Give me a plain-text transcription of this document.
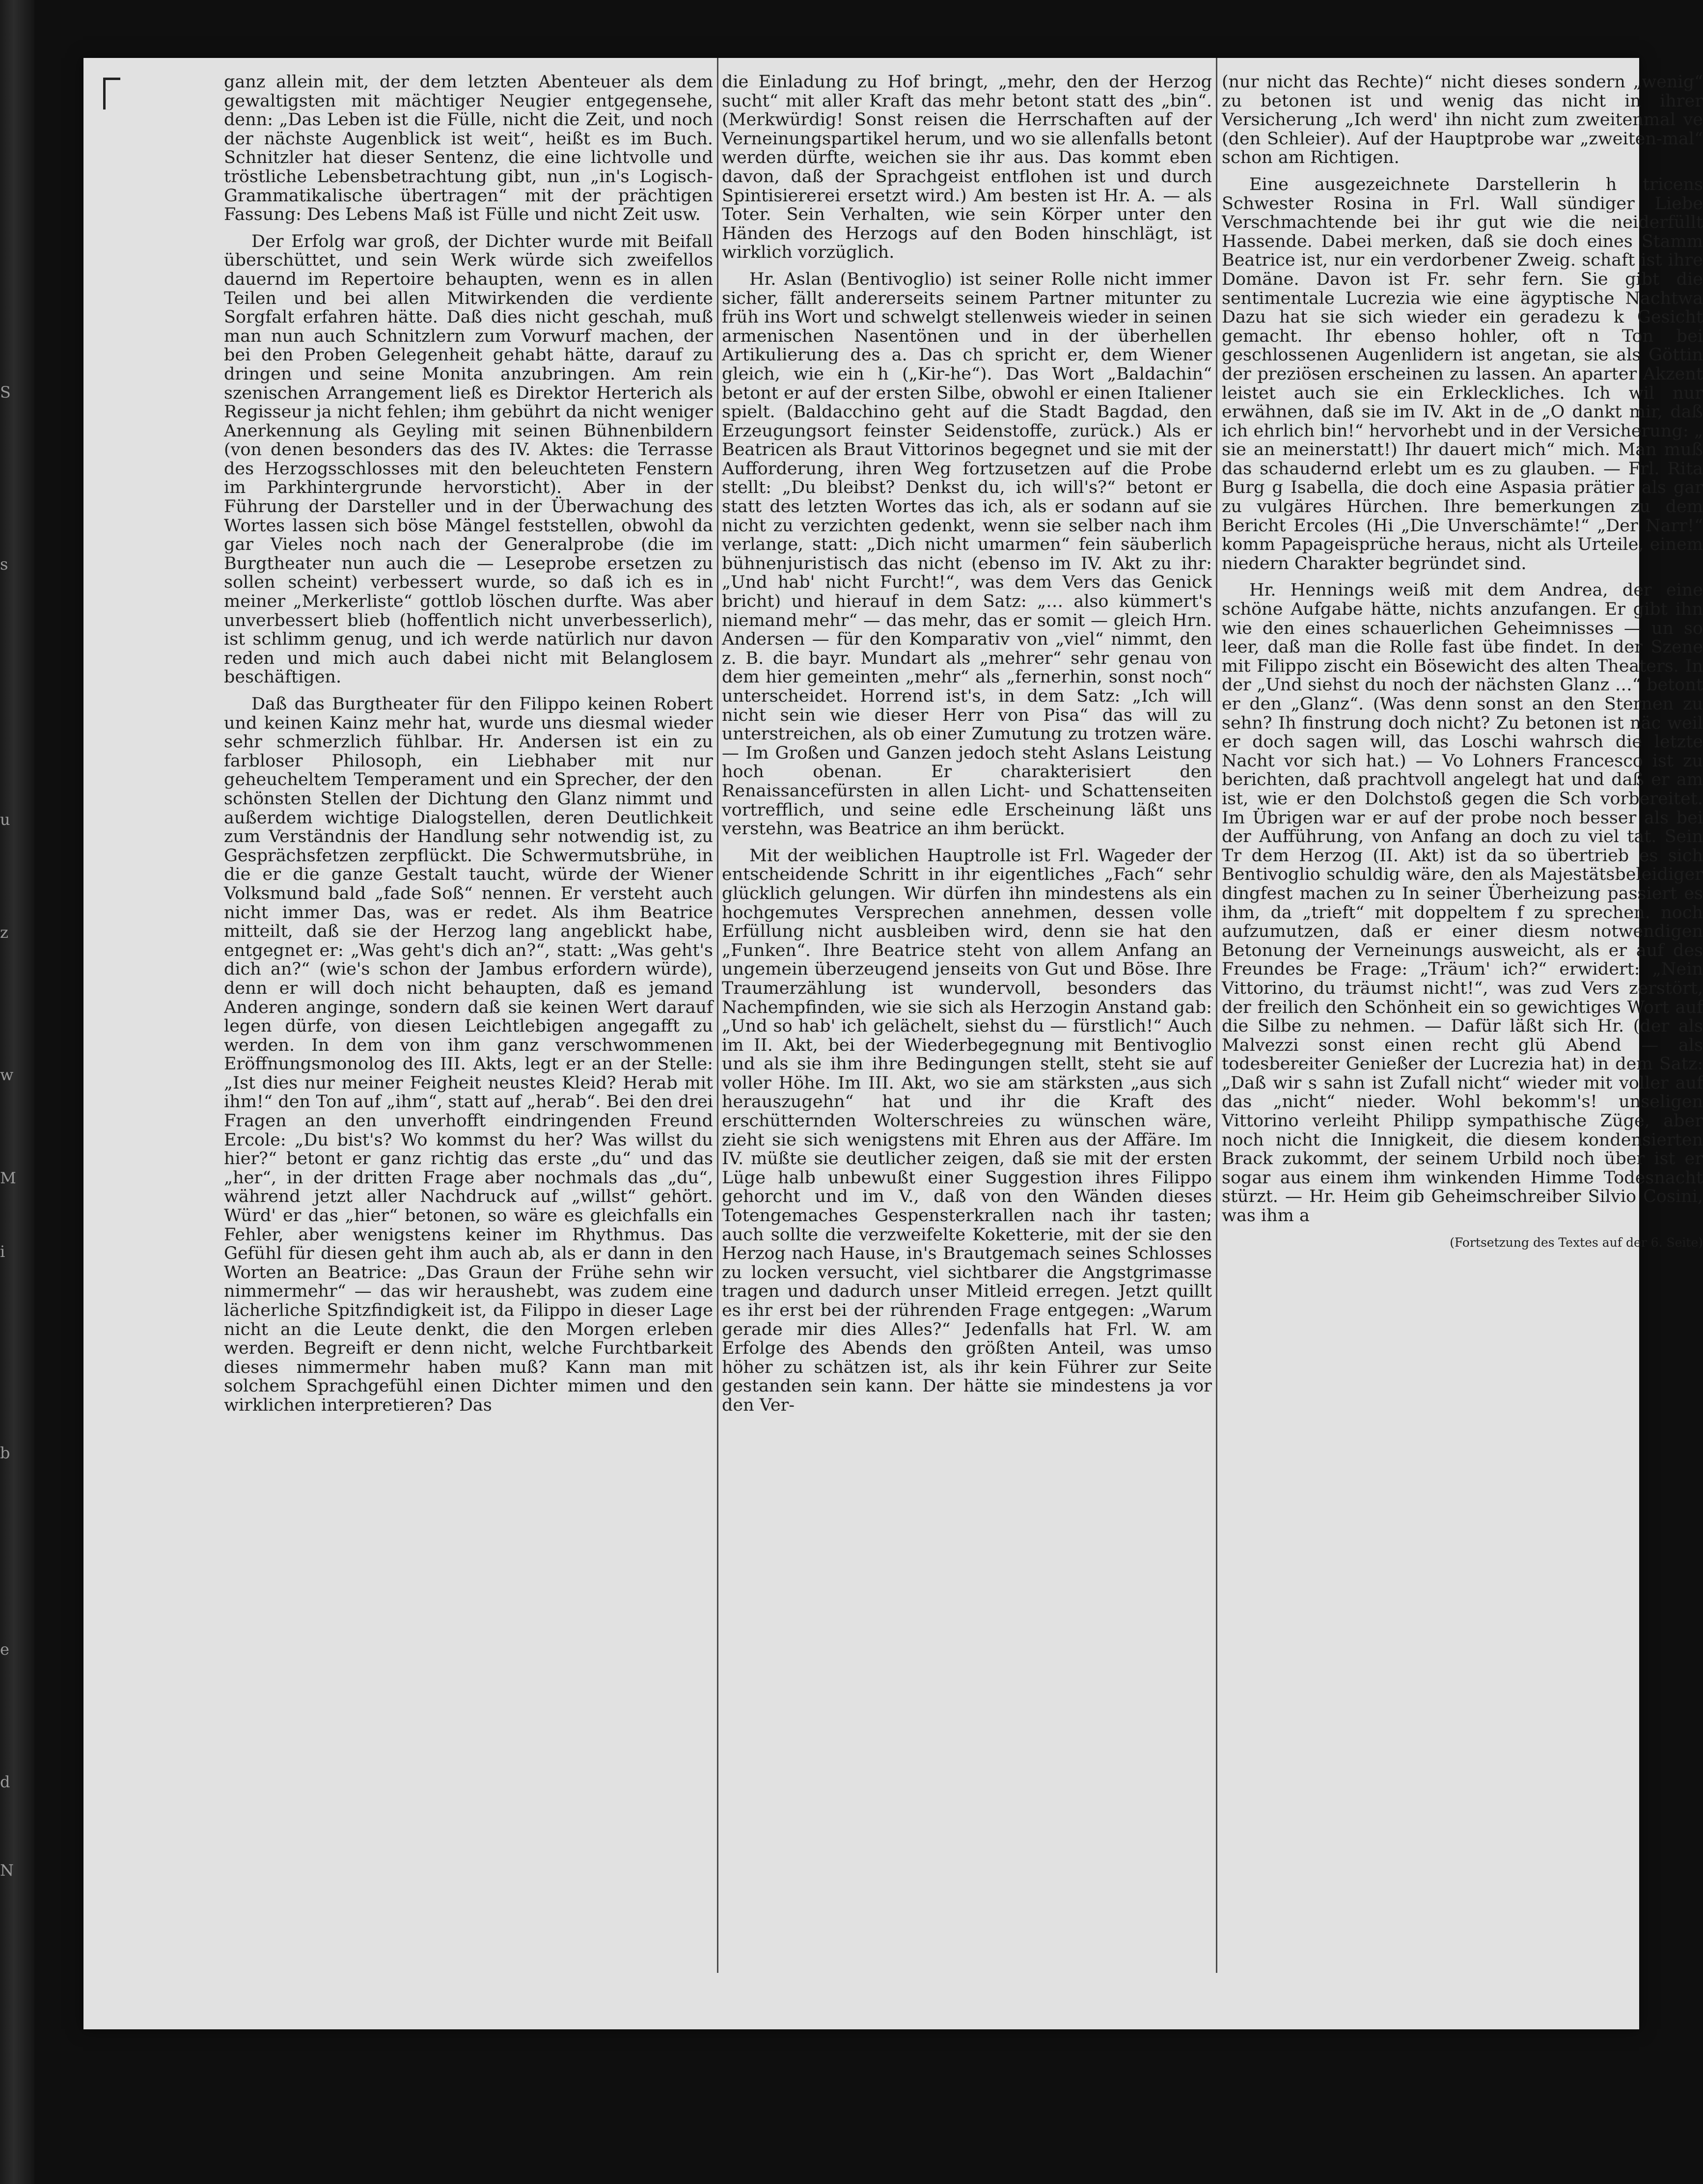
S
s
u
z
w
M
i
b
e
d
N

ganz allein mit, der dem letzten Abenteuer als dem gewaltigsten mit mächtiger Neugier entgegensehe, denn: „Das Leben ist die Fülle, nicht die Zeit, und noch der nächste Augenblick ist weit“, heißt es im Buch. Schnitzler hat dieser Sentenz, die eine lichtvolle und tröstliche Lebensbetrachtung gibt, nun „in's Logisch-Grammatikalische übertragen“ mit der prächtigen Fassung: Des Lebens Maß ist Fülle und nicht Zeit usw.

Der Erfolg war groß, der Dichter wurde mit Beifall überschüttet, und sein Werk würde sich zweifellos dauernd im Repertoire behaupten, wenn es in allen Teilen und bei allen Mitwirkenden die verdiente Sorgfalt erfahren hätte. Daß dies nicht geschah, muß man nun auch Schnitzlern zum Vorwurf machen, der bei den Proben Gelegenheit gehabt hätte, darauf zu dringen und seine Monita anzubringen. Am rein szenischen Arrangement ließ es Direktor Herterich als Regisseur ja nicht fehlen; ihm gebührt da nicht weniger Anerkennung als Geyling mit seinen Bühnenbildern (von denen besonders das des IV. Aktes: die Terrasse des Herzogsschlosses mit den beleuchteten Fenstern im Parkhintergrunde hervorsticht). Aber in der Führung der Darsteller und in der Überwachung des Wortes lassen sich böse Mängel feststellen, obwohl da gar Vieles noch nach der Generalprobe (die im Burgtheater nun auch die — Leseprobe ersetzen zu sollen scheint) verbessert wurde, so daß ich es in meiner „Merkerliste“ gottlob löschen durfte. Was aber unverbessert blieb (hoffentlich nicht unverbesserlich), ist schlimm genug, und ich werde natürlich nur davon reden und mich auch dabei nicht mit Belanglosem beschäftigen.

Daß das Burgtheater für den Filippo keinen Robert und keinen Kainz mehr hat, wurde uns diesmal wieder sehr schmerzlich fühlbar. Hr. Andersen ist ein zu farbloser Philosoph, ein Liebhaber mit nur geheucheltem Temperament und ein Sprecher, der den schönsten Stellen der Dichtung den Glanz nimmt und außerdem wichtige Dialogstellen, deren Deutlichkeit zum Verständnis der Handlung sehr notwendig ist, zu Gesprächsfetzen zerpflückt. Die Schwermutsbrühe, in die er die ganze Gestalt taucht, würde der Wiener Volksmund bald „fade Soß“ nennen. Er versteht auch nicht immer Das, was er redet. Als ihm Beatrice mitteilt, daß sie der Herzog lang angeblickt habe, entgegnet er: „Was geht's dich an?“, statt: „Was geht's dich an?“ (wie's schon der Jambus erfordern würde), denn er will doch nicht behaupten, daß es jemand Anderen anginge, sondern daß sie keinen Wert darauf legen dürfe, von diesen Leichtlebigen angegafft zu werden. In dem von ihm ganz verschwommenen Eröffnungsmonolog des III. Akts, legt er an der Stelle: „Ist dies nur meiner Feigheit neustes Kleid? Herab mit ihm!“ den Ton auf „ihm“, statt auf „herab“. Bei den drei Fragen an den unverhofft eindringenden Freund Ercole: „Du bist's? Wo kommst du her? Was willst du hier?“ betont er ganz richtig das erste „du“ und das „her“, in der dritten Frage aber nochmals das „du“, während jetzt aller Nachdruck auf „willst“ gehört. Würd' er das „hier“ betonen, so wäre es gleichfalls ein Fehler, aber wenigstens keiner im Rhythmus. Das Gefühl für diesen geht ihm auch ab, als er dann in den Worten an Beatrice: „Das Graun der Frühe sehn wir nimmermehr“ — das wir heraushebt, was zudem eine lächerliche Spitzfindigkeit ist, da Filippo in dieser Lage nicht an die Leute denkt, die den Morgen erleben werden. Begreift er denn nicht, welche Furchtbarkeit dieses nimmermehr haben muß? Kann man mit solchem Sprachgefühl einen Dichter mimen und den wirklichen interpretieren? Das

die Einladung zu Hof bringt, „mehr, den der Herzog sucht“ mit aller Kraft das mehr betont statt des „bin“. (Merkwürdig! Sonst reisen die Herrschaften auf der Verneinungspartikel herum, und wo sie allenfalls betont werden dürfte, weichen sie ihr aus. Das kommt eben davon, daß der Sprachgeist entflohen ist und durch Spintisiererei ersetzt wird.) Am besten ist Hr. A. — als Toter. Sein Verhalten, wie sein Körper unter den Händen des Herzogs auf den Boden hinschlägt, ist wirklich vorzüglich.

Hr. Aslan (Bentivoglio) ist seiner Rolle nicht immer sicher, fällt andererseits seinem Partner mitunter zu früh ins Wort und schwelgt stellenweis wieder in seinen armenischen Nasentönen und in der überhellen Artikulierung des a. Das ch spricht er, dem Wiener gleich, wie ein h („Kir-he“). Das Wort „Baldachin“ betont er auf der ersten Silbe, obwohl er einen Italiener spielt. (Baldacchino geht auf die Stadt Bagdad, den Erzeugungsort feinster Seidenstoffe, zurück.) Als er Beatricen als Braut Vittorinos begegnet und sie mit der Aufforderung, ihren Weg fortzusetzen auf die Probe stellt: „Du bleibst? Denkst du, ich will's?“ betont er statt des letzten Wortes das ich, als er sodann auf sie nicht zu verzichten gedenkt, wenn sie selber nach ihm verlange, statt: „Dich nicht umarmen“ fein säuberlich bühnenjuristisch das nicht (ebenso im IV. Akt zu ihr: „Und hab' nicht Furcht!“, was dem Vers das Genick bricht) und hierauf in dem Satz: „… also kümmert's niemand mehr“ — das mehr, das er somit — gleich Hrn. Andersen — für den Komparativ von „viel“ nimmt, den z. B. die bayr. Mundart als „mehrer“ sehr genau von dem hier gemeinten „mehr“ als „fernerhin, sonst noch“ unterscheidet. Horrend ist's, in dem Satz: „Ich will nicht sein wie dieser Herr von Pisa“ das will zu unterstreichen, als ob einer Zumutung zu trotzen wäre. — Im Großen und Ganzen jedoch steht Aslans Leistung hoch obenan. Er charakterisiert den Renaissancefürsten in allen Licht- und Schattenseiten vortrefflich, und seine edle Erscheinung läßt uns verstehn, was Beatrice an ihm berückt.

Mit der weiblichen Hauptrolle ist Frl. Wageder der entscheidende Schritt in ihr eigentliches „Fach“ sehr glücklich gelungen. Wir dürfen ihn mindestens als ein hochgemutes Versprechen annehmen, dessen volle Erfüllung nicht ausbleiben wird, denn sie hat den „Funken“. Ihre Beatrice steht von allem Anfang an ungemein überzeugend jenseits von Gut und Böse. Ihre Traumerzählung ist wundervoll, besonders das Nachempfinden, wie sie sich als Herzogin Anstand gab: „Und so hab' ich gelächelt, siehst du — fürstlich!“ Auch im II. Akt, bei der Wiederbegegnung mit Bentivoglio und als sie ihm ihre Bedingungen stellt, steht sie auf voller Höhe. Im III. Akt, wo sie am stärksten „aus sich herauszugehn“ hat und ihr die Kraft des erschütternden Wolterschreies zu wünschen wäre, zieht sie sich wenigstens mit Ehren aus der Affäre. Im IV. müßte sie deutlicher zeigen, daß sie mit der ersten Lüge halb unbewußt einer Suggestion ihres Filippo gehorcht und im V., daß von den Wänden dieses Totengemaches Gespensterkrallen nach ihr tasten; auch sollte die verzweifelte Koketterie, mit der sie den Herzog nach Hause, in's Brautgemach seines Schlosses zu locken versucht, viel sichtbarer die Angstgrimasse tragen und dadurch unser Mitleid erregen. Jetzt quillt es ihr erst bei der rührenden Frage entgegen: „Warum gerade mir dies Alles?“ Jedenfalls hat Frl. W. am Erfolge des Abends den größten Anteil, was umso höher zu schätzen ist, als ihr kein Führer zur Seite gestanden sein kann. Der hätte sie mindestens ja vor den Ver-

(nur nicht das Rechte)“ nicht dieses sondern „wenig“ zu betonen ist und wenig das nicht in ihrer Versicherung „Ich werd' ihn nicht zum zweitenmal ve (den Schleier). Auf der Hauptprobe war „zweiten-mal“ schon am Richtigen.

Eine ausgezeichnete Darstellerin h tricens Schwester Rosina in Frl. Wall sündiger Liebe Verschmachtende bei ihr gut wie die neiderfüllt Hassende. Dabei merken, daß sie doch eines Stamm Beatrice ist, nur ein verdorbener Zweig. schaft ist ihre Domäne. Davon ist Fr. sehr fern. Sie gibt die sentimentale Lucrezia wie eine ägyptische Nachtwa Dazu hat sie sich wieder ein geradezu k Gesicht gemacht. Ihr ebenso hohler, oft n Ton bei geschlossenen Augenlidern ist angetan, sie als Göttin der preziösen erscheinen zu lassen. An aparter Akzent leistet auch sie ein Erkleckliches. Ich wil nur erwähnen, daß sie im IV. Akt in de „O dankt mir, daß ich ehrlich bin!“ hervorhebt und in der Versicherung: „ sie an meinerstatt!) Ihr dauert mich“ mich. Man muß das schaudernd erlebt um es zu glauben. — Frl. Rita Burg g Isabella, die doch eine Aspasia prätier als gar zu vulgäres Hürchen. Ihre bemerkungen zu dem Bericht Ercoles (Hi „Die Unverschämte!“ „Der Narr!“ komm Papageisprüche heraus, nicht als Urteile, einem niedern Charakter begründet sind.

Hr. Hennings weiß mit dem Andrea, der eine schöne Aufgabe hätte, nichts anzufangen. Er gibt ihn wie den eines schauerlichen Geheimnisses — un so leer, daß man die Rolle fast übe findet. In der Szene mit Filippo zischt ein Bösewicht des alten Theaters. In der „Und siehst du noch der nächsten Glanz …“ betont er den „Glanz“. (Was denn sonst an den Sternen zu sehn? Ih finstrung doch nicht? Zu betonen ist näc weil er doch sagen will, das Loschi wahrsch die letzte Nacht vor sich hat.) — Vo Lohners Francesco ist zu berichten, daß prachtvoll angelegt hat und daß er am ist, wie er den Dolchstoß gegen die Sch vorbereitet. Im Übrigen war er auf der probe noch besser als bei der Aufführung, von Anfang an doch zu viel tat. Sein Tr dem Herzog (II. Akt) ist da so übertrieb es sich Bentivoglio schuldig wäre, den als Majestätsbeleidiger dingfest machen zu In seiner Überheizung passiert es ihm, da „trieft“ mit doppeltem f zu sprechen. noch aufzumutzen, daß er einer diesm notwendigen Betonung der Verneinungs ausweicht, als er auf des Freundes be Frage: „Träum' ich?“ erwidert: „Nein Vittorino, du träumst nicht!“, was zud Vers zerstört, der freilich den Schönheit ein so gewichtiges Wort auf die Silbe zu nehmen. — Dafür läßt sich Hr. (der als Malvezzi sonst einen recht glü Abend — als todesbereiter Genießer der Lucrezia hat) in dem Satz: „Daß wir s sahn ist Zufall nicht“ wieder mit voller auf das „nicht“ nieder. Wohl bekomm's! unseligen Vittorino verleiht Philipp sympathische Züge, aber noch nicht die Innigkeit, die diesem kondensierten Brack zukommt, der seinem Urbild noch über ist er sogar aus einem ihm winkenden Himme Todesnacht stürzt. — Hr. Heim gib Geheimschreiber Silvio Cosini, was ihm a

(Fortsetzung des Textes auf der 6. Seite)
